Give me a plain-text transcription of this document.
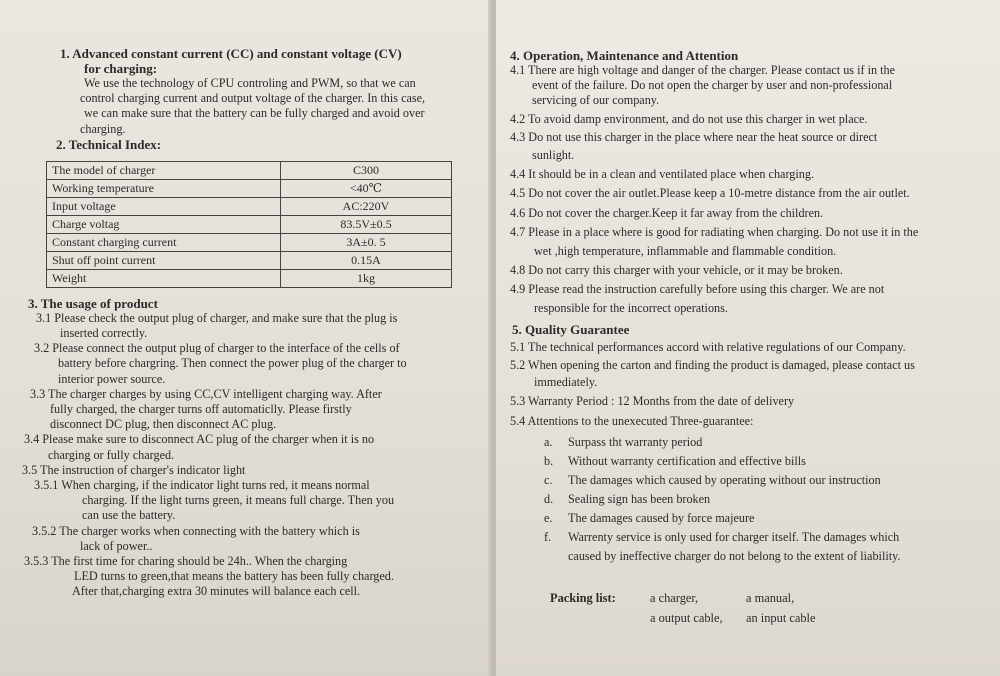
1. Advanced constant current (CC) and constant voltage (CV)
for charging:
We use the technology of CPU controling and PWM, so that we can
control charging current and output voltage of the charger. In this case,
we can make sure that the battery can be fully charged and avoid over
charging.
2. Technical Index:
The model of charger	C300
Working temperature	<40℃
Input voltage	AC:220V
Charge voltag	83.5V±0.5
Constant charging current	3A±0. 5
Shut off point current	0.15A
Weight	1kg
3. The usage of product
3.1 Please check the output plug of charger, and make sure that the plug is
inserted correctly.
3.2 Please connect the output plug of charger to the interface of the cells of
battery before chargring. Then connect the power plug of the charger to
interior power source.
3.3 The charger charges by using CC,CV intelligent charging way. After
fully charged, the charger turns off automaticlly. Please firstly
disconnect DC plug, then disconnect AC plug.
3.4 Please make sure to disconnect AC plug of the charger when it is no
charging or fully charged.
3.5 The instruction of charger's indicator light
3.5.1 When charging, if the indicator light turns red, it means normal
charging. If the light turns green, it means full charge. Then you
can use the battery.
3.5.2 The charger works when connecting with the battery which is
lack of power..
3.5.3 The first time for charing should be 24h.. When the charging
LED turns to green,that means the battery has been fully charged.
After that,charging extra 30 minutes will balance each cell.
4. Operation, Maintenance and Attention
4.1 There are high voltage and danger of the charger. Please contact us if in the
event of the failure. Do not open the charger by user and non-professional
servicing of our company.
4.2 To avoid damp environment, and do not use this charger in wet place.
4.3 Do not use this charger in the place where near the heat source or direct
sunlight.
4.4 It should be in a clean and ventilated place when charging.
4.5 Do not cover the air outlet.Please keep a 10-metre distance from the air outlet.
4.6 Do not cover the charger.Keep it far away from the children.
4.7 Please in a place where is good for radiating when charging. Do not use it in the
wet ,high temperature, inflammable and flammable condition.
4.8 Do not carry this charger with your vehicle, or it may be broken.
4.9 Please read the instruction carefully before using this charger. We are not
responsible for the incorrect operations.
5. Quality Guarantee
5.1 The technical performances accord with relative regulations of our Company.
5.2 When opening the carton and finding the product is damaged, please contact us
immediately.
5.3 Warranty Period : 12 Months from the date of delivery
5.4 Attentions to the unexecuted Three-guarantee:
a.	Surpass tht warranty period
b.	Without warranty certification and effective bills
c.	The damages which caused by operating without our instruction
d.	Sealing sign has been broken
e.	The damages caused by force majeure
f.	Warrenty service is only used for charger itself. The damages which
caused by ineffective charger do not belong to the extent of liability.
Packing list:	a charger,	a manual,
a output cable,	an input cable
